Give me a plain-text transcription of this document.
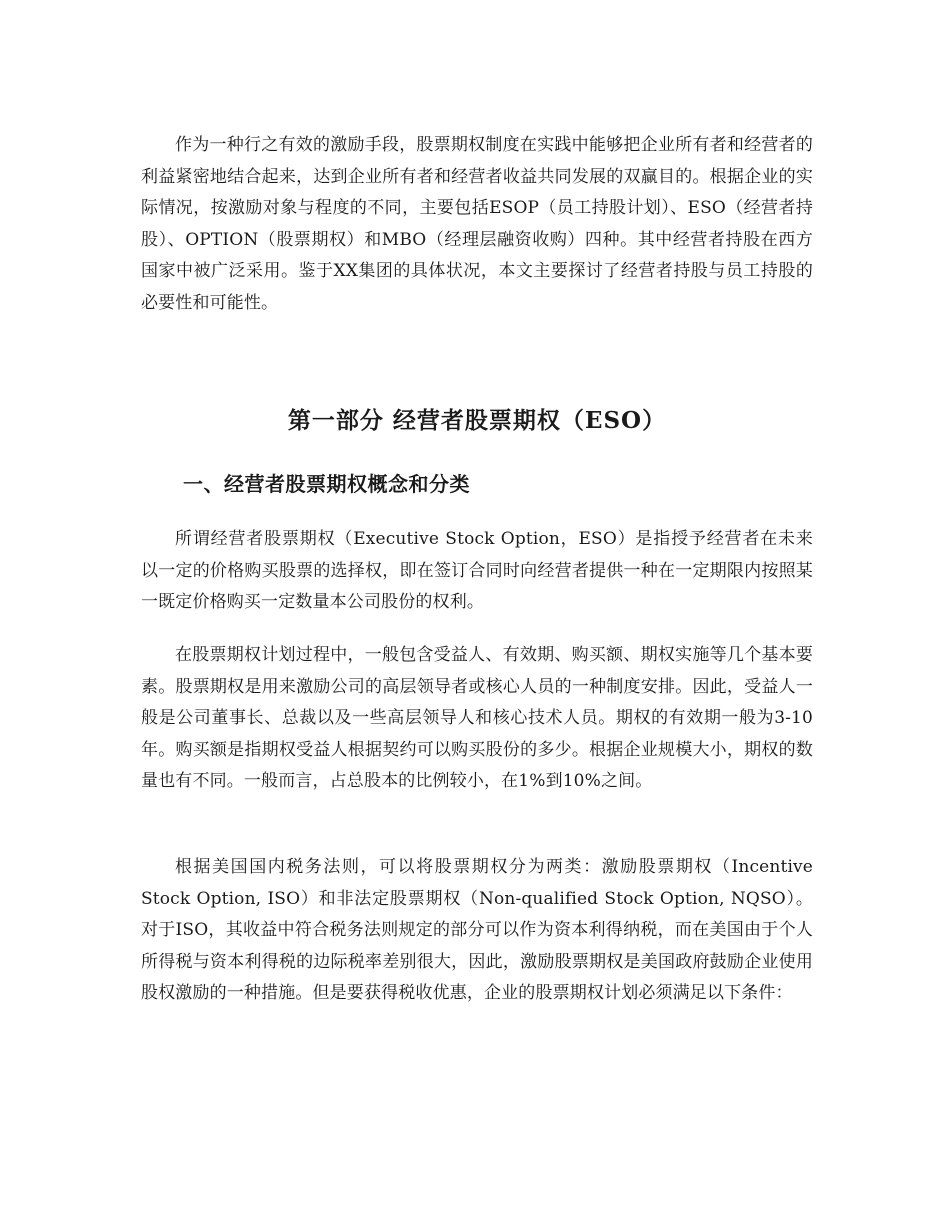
作为一种行之有效的激励手段，股票期权制度在实践中能够把企业所有者和经营者的利益紧密地结合起来，达到企业所有者和经营者收益共同发展的双赢目的。根据企业的实际情况，按激励对象与程度的不同，主要包括ESOP（员工持股计划）、ESO（经营者持股）、OPTION（股票期权）和MBO（经理层融资收购）四种。其中经营者持股在西方国家中被广泛采用。鉴于XX集团的具体状况，本文主要探讨了经营者持股与员工持股的必要性和可能性。

第一部分 经营者股票期权（ESO）
一、经营者股票期权概念和分类

所谓经营者股票期权（Executive Stock Option，ESO）是指授予经营者在未来以一定的价格购买股票的选择权，即在签订合同时向经营者提供一种在一定期限内按照某一既定价格购买一定数量本公司股份的权利。

在股票期权计划过程中，一般包含受益人、有效期、购买额、期权实施等几个基本要素。股票期权是用来激励公司的高层领导者或核心人员的一种制度安排。因此，受益人一般是公司董事长、总裁以及一些高层领导人和核心技术人员。期权的有效期一般为3-10年。购买额是指期权受益人根据契约可以购买股份的多少。根据企业规模大小，期权的数量也有不同。一般而言，占总股本的比例较小，在1%到10%之间。

根据美国国内税务法则，可以将股票期权分为两类：激励股票期权（Incentive Stock Option, ISO）和非法定股票期权（Non-qualified Stock Option, NQSO）。对于ISO，其收益中符合税务法则规定的部分可以作为资本利得纳税，而在美国由于个人所得税与资本利得税的边际税率差别很大，因此，激励股票期权是美国政府鼓励企业使用股权激励的一种措施。但是要获得税收优惠，企业的股票期权计划必须满足以下条件：
